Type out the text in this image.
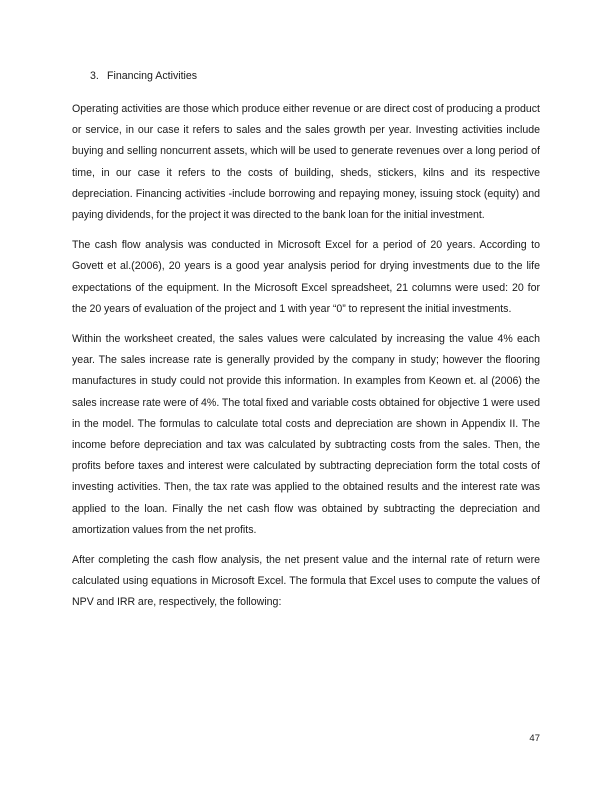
3. Financing Activities

Operating activities are those which produce either revenue or are direct cost of producing a product or service, in our case it refers to sales and the sales growth per year. Investing activities include buying and selling noncurrent assets, which will be used to generate revenues over a long period of time, in our case it refers to the costs of building, sheds, stickers, kilns and its respective depreciation. Financing activities -include borrowing and repaying money, issuing stock (equity) and paying dividends, for the project it was directed to the bank loan for the initial investment.

The cash flow analysis was conducted in Microsoft Excel for a period of 20 years. According to Govett et al.(2006), 20 years is a good year analysis period for drying investments due to the life expectations of the equipment. In the Microsoft Excel spreadsheet, 21 columns were used: 20 for the 20 years of evaluation of the project and 1 with year “0” to represent the initial investments.

Within the worksheet created, the sales values were calculated by increasing the value 4% each year. The sales increase rate is generally provided by the company in study; however the flooring manufactures in study could not provide this information. In examples from Keown et. al (2006) the sales increase rate were of 4%. The total fixed and variable costs obtained for objective 1 were used in the model. The formulas to calculate total costs and depreciation are shown in Appendix II. The income before depreciation and tax was calculated by subtracting costs from the sales. Then, the profits before taxes and interest were calculated by subtracting depreciation form the total costs of investing activities. Then, the tax rate was applied to the obtained results and the interest rate was applied to the loan. Finally the net cash flow was obtained by subtracting the depreciation and amortization values from the net profits.

After completing the cash flow analysis, the net present value and the internal rate of return were calculated using equations in Microsoft Excel. The formula that Excel uses to compute the values of NPV and IRR are, respectively, the following:

47
